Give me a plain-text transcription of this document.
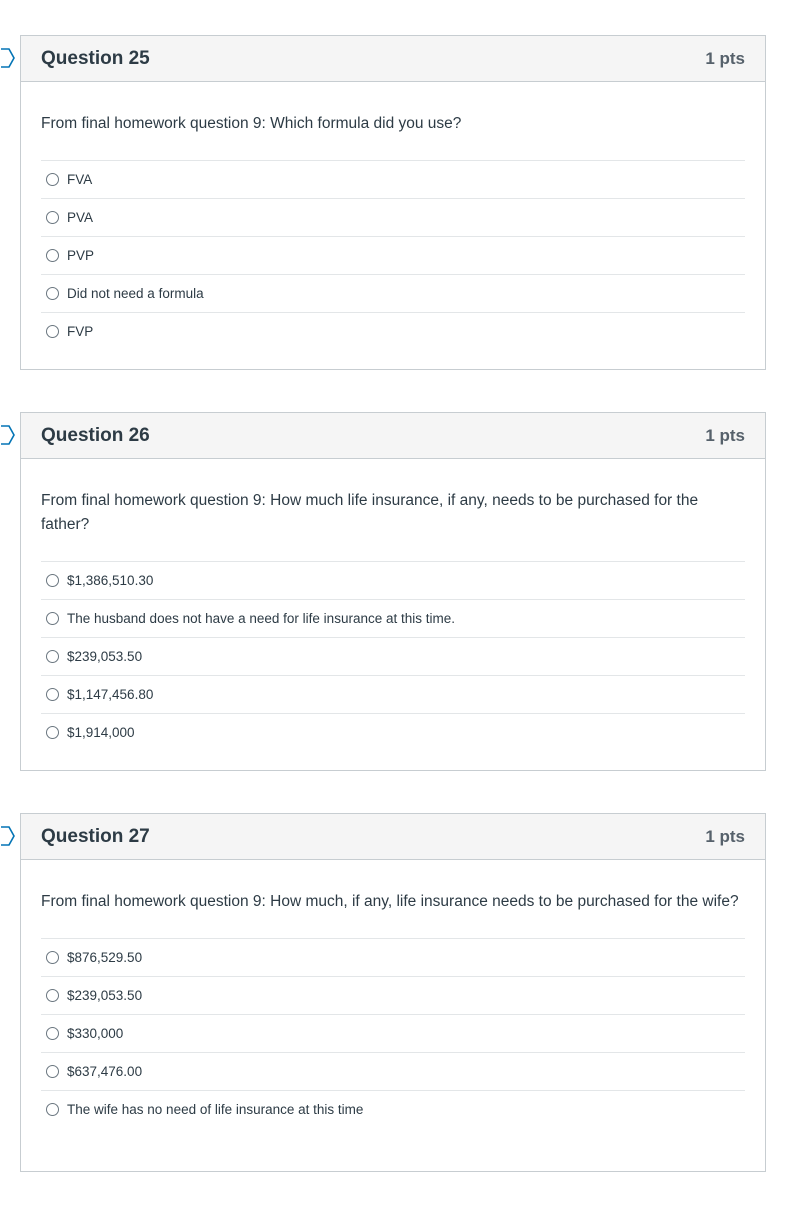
Question 25	1 pts
From final homework question 9: Which formula did you use?
FVA
PVA
PVP
Did not need a formula
FVP
Question 26	1 pts
From final homework question 9: How much life insurance, if any, needs to be purchased for the father?
$1,386,510.30
The husband does not have a need for life insurance at this time.
$239,053.50
$1,147,456.80
$1,914,000
Question 27	1 pts
From final homework question 9: How much, if any, life insurance needs to be purchased for the wife?
$876,529.50
$239,053.50
$330,000
$637,476.00
The wife has no need of life insurance at this time
